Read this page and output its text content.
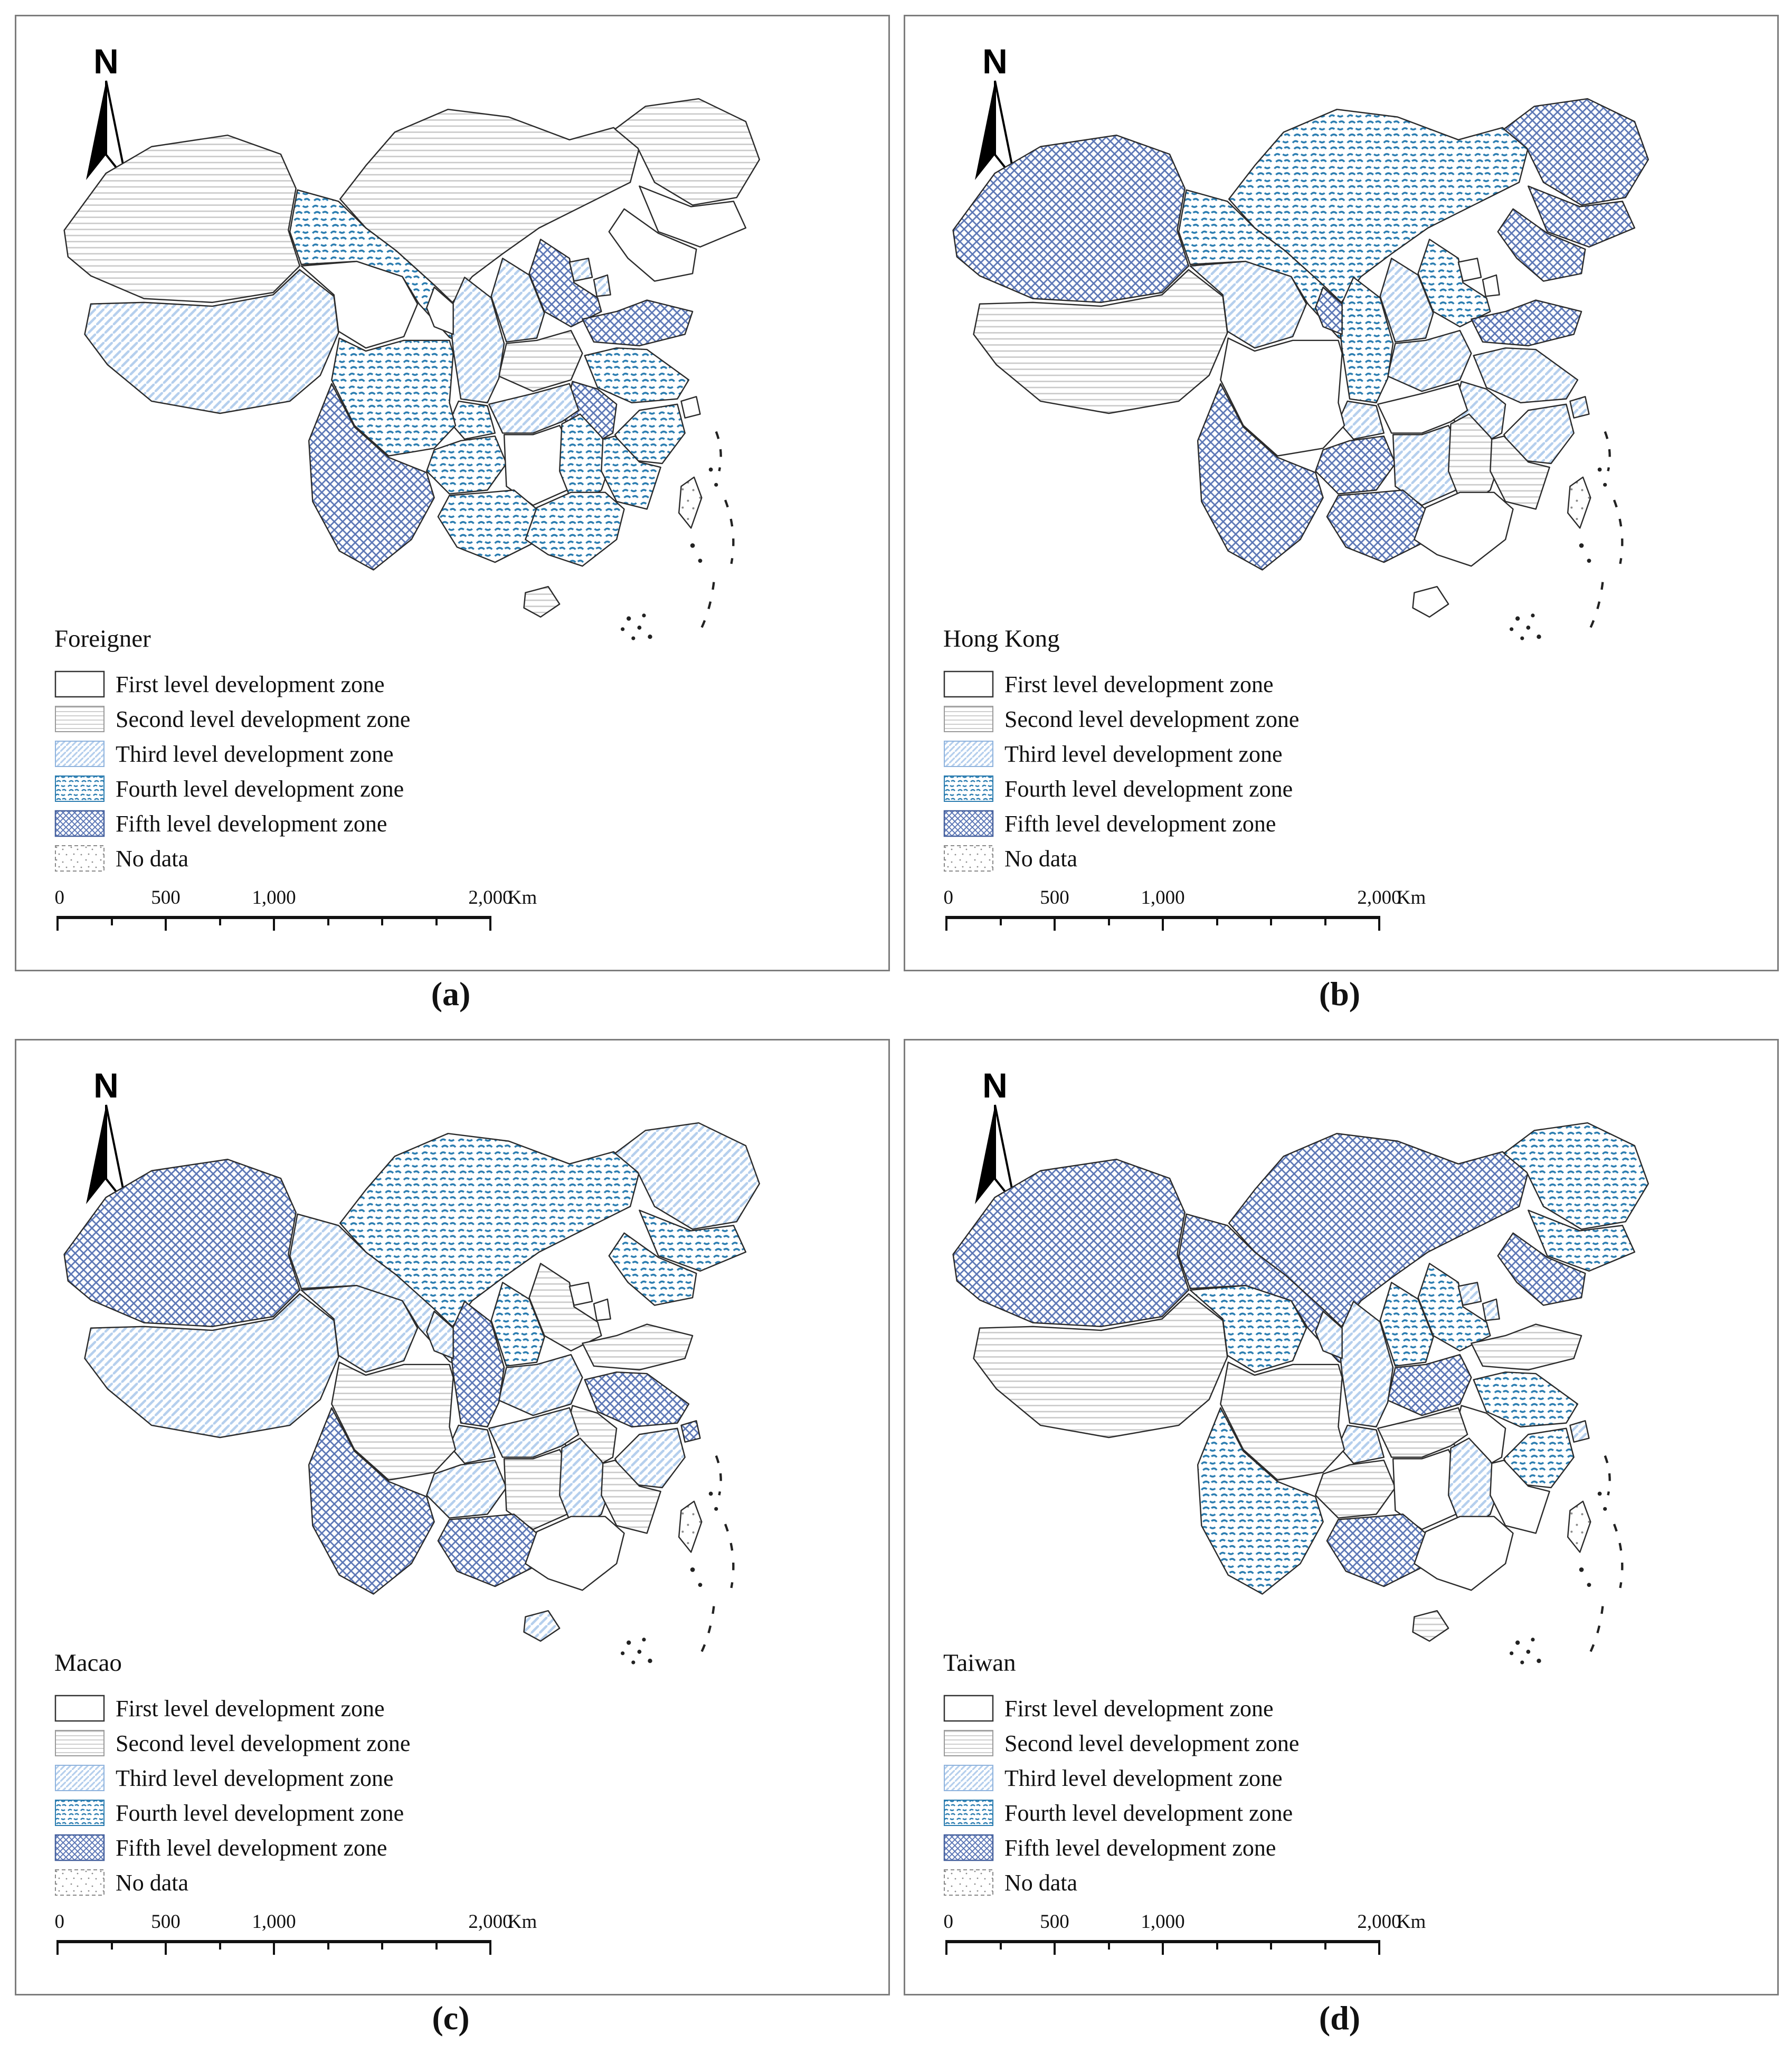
N
Foreigner
First level development zone
Second level development zone
Third level development zone
Fourth level development zone
Fifth level development zone
No data
0	500	1,000	2,000
Km
N
Hong Kong
First level development zone
Second level development zone
Third level development zone
Fourth level development zone
Fifth level development zone
No data
0	500	1,000	2,000
Km
N
Macao
First level development zone
Second level development zone
Third level development zone
Fourth level development zone
Fifth level development zone
No data
0	500	1,000	2,000
Km
N
Taiwan
First level development zone
Second level development zone
Third level development zone
Fourth level development zone
Fifth level development zone
No data
0	500	1,000	2,000
Km
(a)	(b)
(c)	(d)
